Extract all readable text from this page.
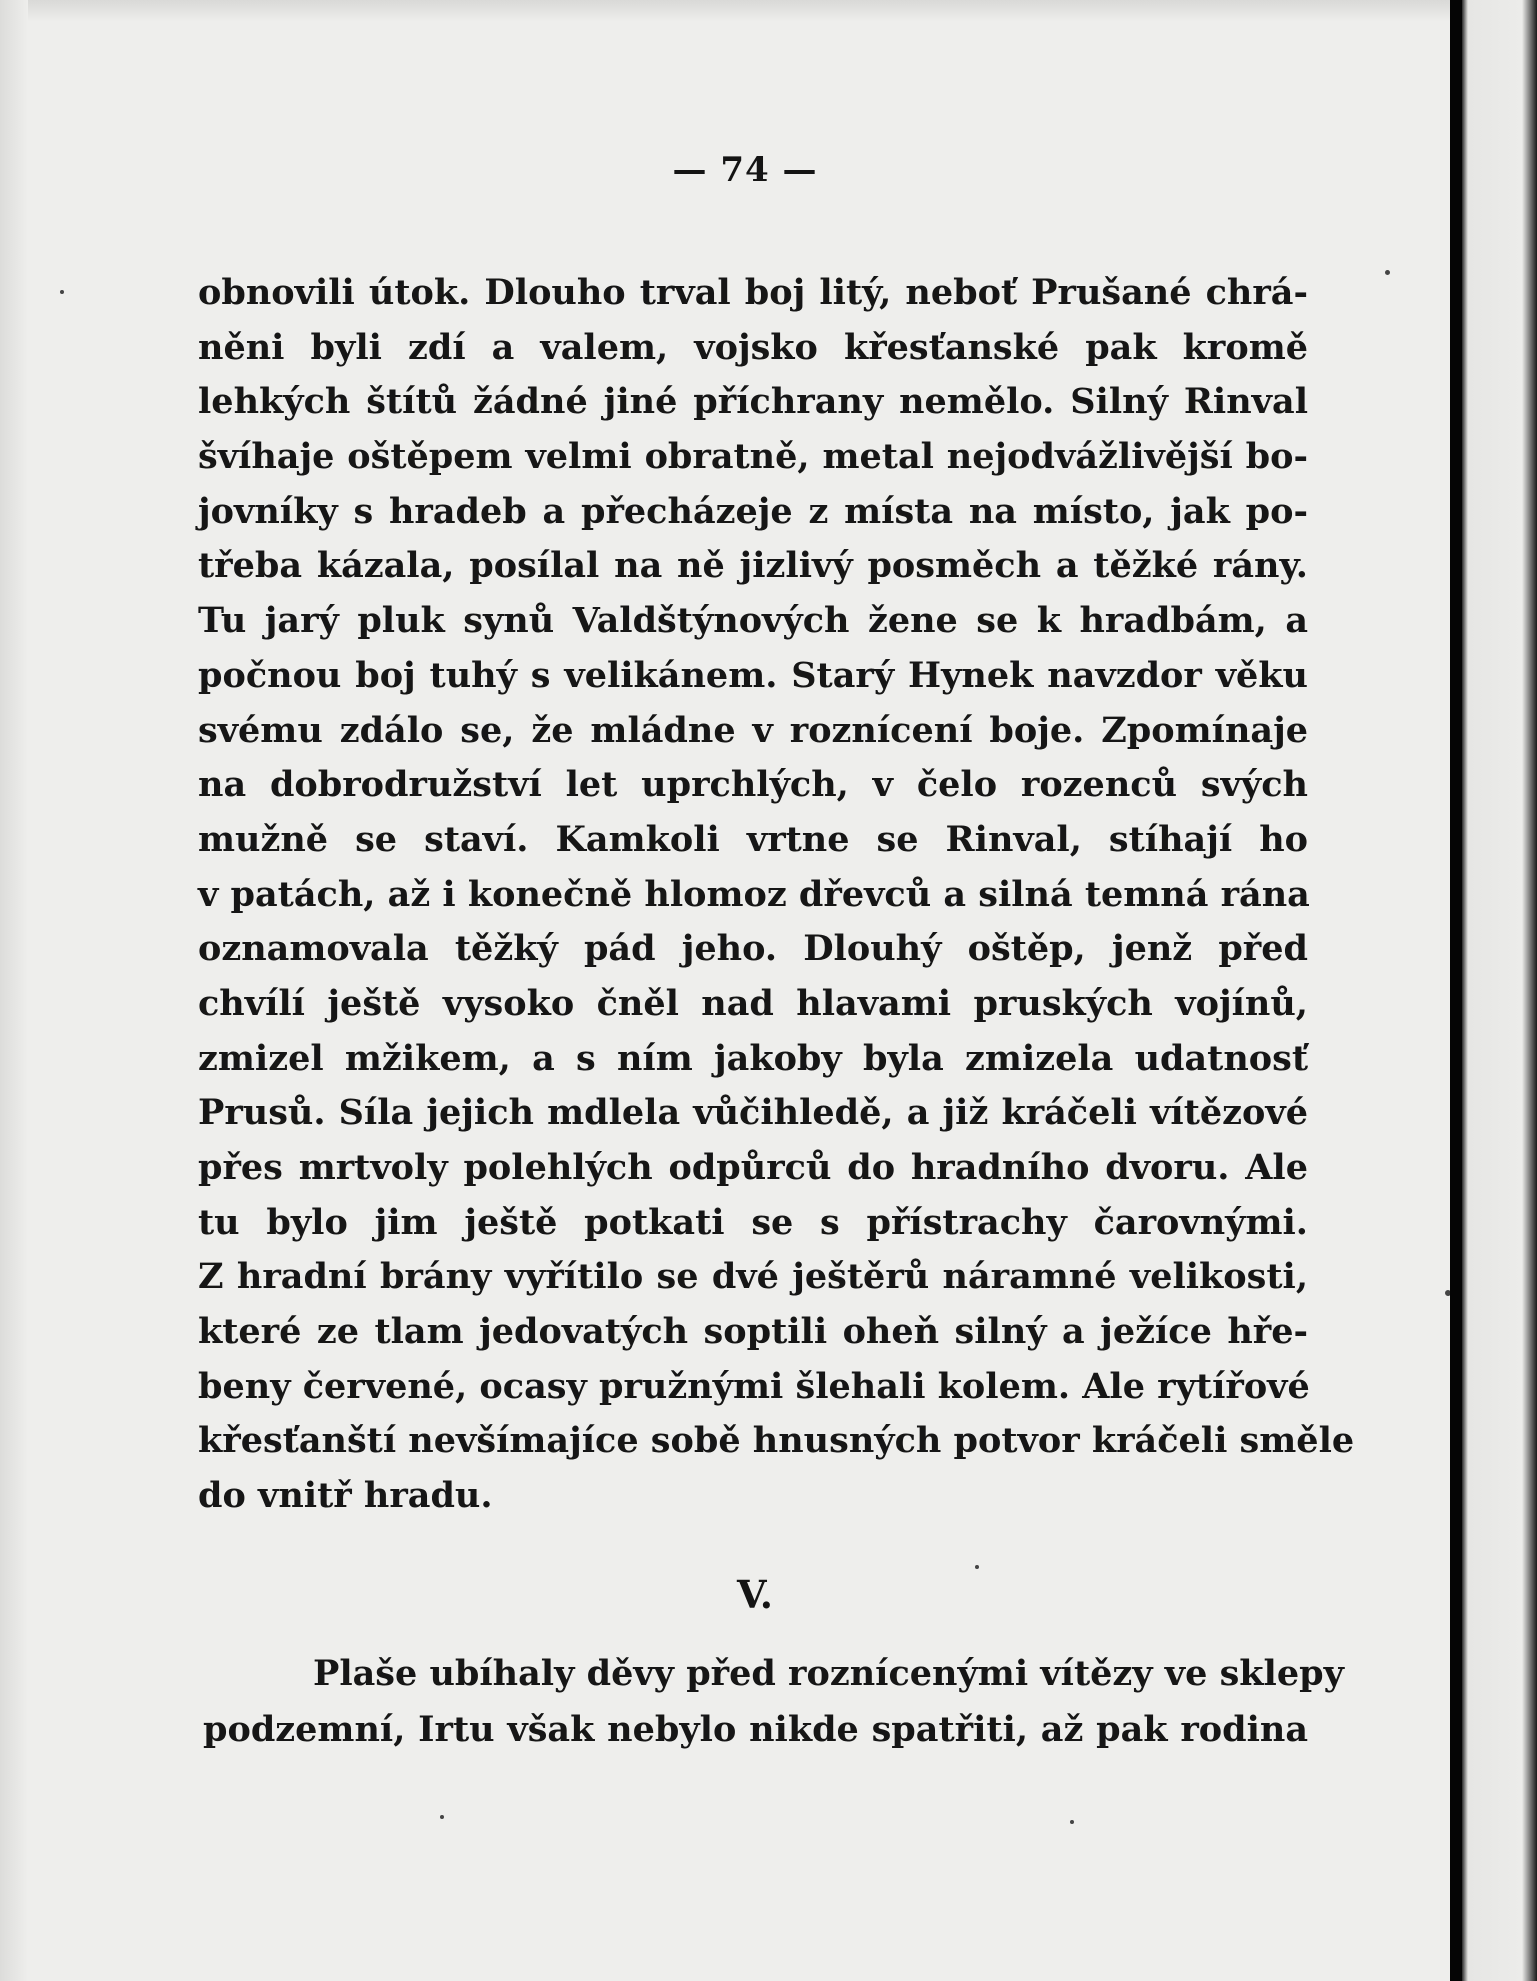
— 74 —
obnovili útok. Dlouho trval boj litý, neboť Prušané chrá-
něni byli zdí a valem, vojsko křesťanské pak kromě
lehkých štítů žádné jiné příchrany nemělo. Silný Rinval
švíhaje oštěpem velmi obratně, metal nejodvážlivější bo-
jovníky s hradeb a přecházeje z místa na místo, jak po-
třeba kázala, posílal na ně jizlivý posměch a těžké rány.
Tu jarý pluk synů Valdštýnových žene se k hradbám, a
počnou boj tuhý s velikánem. Starý Hynek navzdor věku
svému zdálo se, že mládne v roznícení boje. Zpomínaje
na dobrodružství let uprchlých, v čelo rozenců svých
mužně se staví. Kamkoli vrtne se Rinval, stíhají ho
v patách, až i konečně hlomoz dřevců a silná temná rána
oznamovala těžký pád jeho. Dlouhý oštěp, jenž před
chvílí ještě vysoko čněl nad hlavami pruských vojínů,
zmizel mžikem, a s ním jakoby byla zmizela udatnosť
Prusů. Síla jejich mdlela vůčihledě, a již kráčeli vítězové
přes mrtvoly polehlých odpůrců do hradního dvoru. Ale
tu bylo jim ještě potkati se s přístrachy čarovnými.
Z hradní brány vyřítilo se dvé ještěrů náramné velikosti,
které ze tlam jedovatých soptili oheň silný a ježíce hře-
beny červené, ocasy pružnými šlehali kolem. Ale rytířové
křesťanští nevšímajíce sobě hnusných potvor kráčeli směle
do vnitř hradu.
V.
Plaše ubíhaly děvy před roznícenými vítězy ve sklepy
podzemní, Irtu však nebylo nikde spatřiti, až pak rodina
